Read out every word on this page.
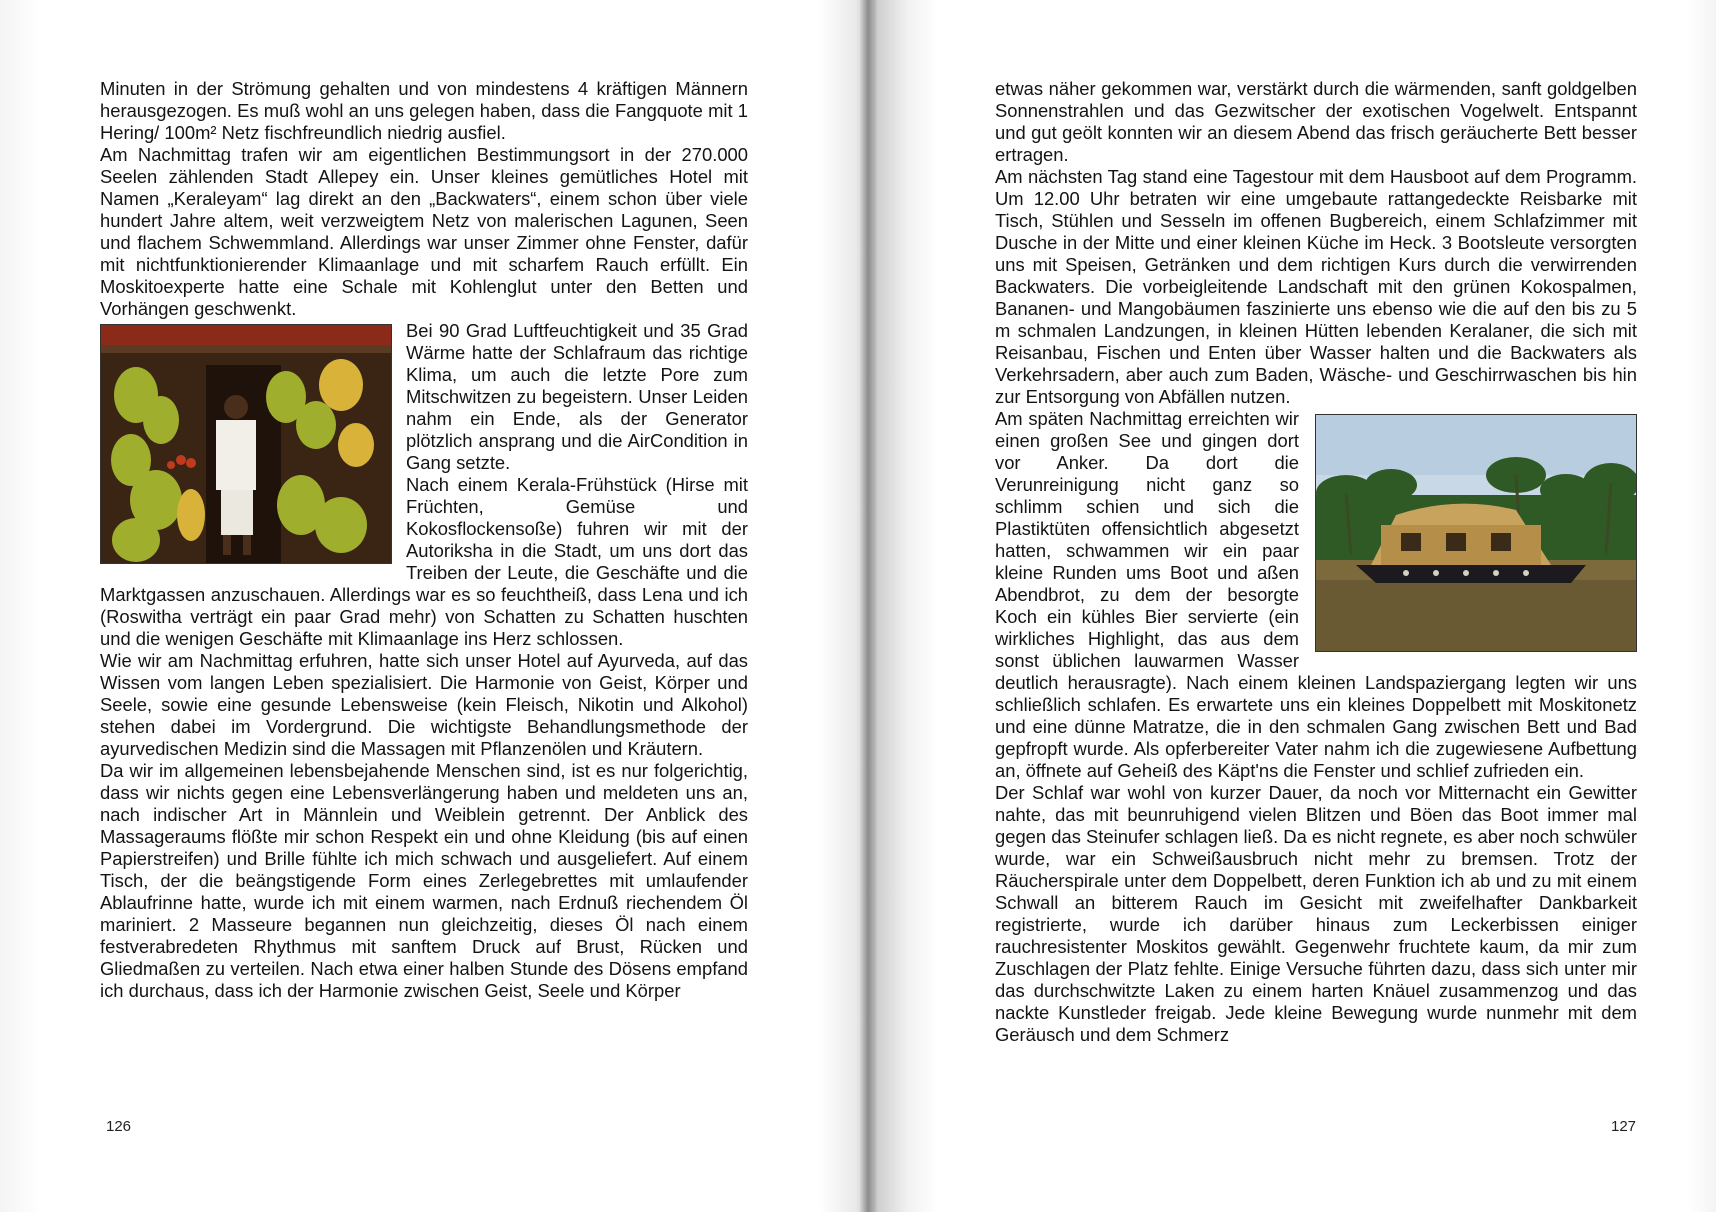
Minuten in der Strömung gehalten und von mindestens 4 kräftigen Männern herausgezogen. Es muß wohl an uns gelegen haben, dass die Fangquote mit 1 Hering/ 100m² Netz fischfreundlich niedrig ausfiel.

Am Nachmittag trafen wir am eigentlichen Bestimmungsort in der 270.000 Seelen zählenden Stadt Allepey ein. Unser kleines gemütliches Hotel mit Namen „Keraleyam“ lag direkt an den „Backwaters“, einem schon über viele hundert Jahre altem, weit verzweigtem Netz von malerischen Lagunen, Seen und flachem Schwemmland. Allerdings war unser Zimmer ohne Fenster, dafür mit nichtfunktionierender Klimaanlage und mit scharfem Rauch erfüllt. Ein Moskitoexperte hatte eine Schale mit Kohlenglut unter den Betten und Vorhängen geschwenkt.

Bei 90 Grad Luftfeuchtigkeit und 35 Grad Wärme hatte der Schlafraum das richtige Klima, um auch die letzte Pore zum Mitschwitzen zu begeistern. Unser Leiden nahm ein Ende, als der Generator plötzlich ansprang und die AirCondition in Gang setzte.

Nach einem Kerala-Frühstück (Hirse mit Früchten, Gemüse und Kokosflockensoße) fuhren wir mit der Autoriksha in die Stadt, um uns dort das Treiben der Leute, die Geschäfte und die Marktgassen anzuschauen. Allerdings war es so feuchtheiß, dass Lena und ich (Roswitha verträgt ein paar Grad mehr) von Schatten zu Schatten huschten und die wenigen Geschäfte mit Klimaanlage ins Herz schlossen.

Wie wir am Nachmittag erfuhren, hatte sich unser Hotel auf Ayurveda, auf das Wissen vom langen Leben spezialisiert. Die Harmonie von Geist, Körper und Seele, sowie eine gesunde Lebensweise (kein Fleisch, Nikotin und Alkohol) stehen dabei im Vordergrund. Die wichtigste Behandlungsmethode der ayurvedischen Medizin sind die Massagen mit Pflanzenölen und Kräutern.

Da wir im allgemeinen lebensbejahende Menschen sind, ist es nur folgerichtig, dass wir nichts gegen eine Lebensverlängerung haben und meldeten uns an, nach indischer Art in Männlein und Weiblein getrennt. Der Anblick des Massageraums flößte mir schon Respekt ein und ohne Kleidung (bis auf einen Papierstreifen) und Brille fühlte ich mich schwach und ausgeliefert. Auf einem Tisch, der die beängstigende Form eines Zerlegebrettes mit umlaufender Ablaufrinne hatte, wurde ich mit einem warmen, nach Erdnuß riechendem Öl mariniert. 2 Masseure begannen nun gleichzeitig, dieses Öl nach einem festverabredeten Rhythmus mit sanftem Druck auf Brust, Rücken und Gliedmaßen zu verteilen. Nach etwa einer halben Stunde des Dösens empfand ich durchaus, dass ich der Harmonie zwischen Geist, Seele und Körper

126

etwas näher gekommen war, verstärkt durch die wärmenden, sanft goldgelben Sonnenstrahlen und das Gezwitscher der exotischen Vogelwelt. Entspannt und gut geölt konnten wir an diesem Abend das frisch geräucherte Bett besser ertragen.

Am nächsten Tag stand eine Tagestour mit dem Hausboot auf dem Programm. Um 12.00 Uhr betraten wir eine umgebaute rattangedeckte Reisbarke mit Tisch, Stühlen und Sesseln im offenen Bugbereich, einem Schlafzimmer mit Dusche in der Mitte und einer kleinen Küche im Heck. 3 Bootsleute versorgten uns mit Speisen, Getränken und dem richtigen Kurs durch die verwirrenden Backwaters. Die vorbeigleitende Landschaft mit den grünen Kokospalmen, Bananen- und Mangobäumen faszinierte uns ebenso wie die auf den bis zu 5 m schmalen Landzungen, in kleinen Hütten lebenden Keralaner, die sich mit Reisanbau, Fischen und Enten über Wasser halten und die Backwaters als Verkehrsadern, aber auch zum Baden, Wäsche- und Geschirrwaschen bis hin zur Entsorgung von Abfällen nutzen.

Am späten Nachmittag erreichten wir einen großen See und gingen dort vor Anker. Da dort die Verunreinigung nicht ganz so schlimm schien und sich die Plastiktüten offensichtlich abgesetzt hatten, schwammen wir ein paar kleine Runden ums Boot und aßen Abendbrot, zu dem der besorgte Koch ein kühles Bier servierte (ein wirkliches Highlight, das aus dem sonst üblichen lauwarmen Wasser deutlich herausragte). Nach einem kleinen Landspaziergang legten wir uns schließlich schlafen. Es erwartete uns ein kleines Doppelbett mit Moskitonetz und eine dünne Matratze, die in den schmalen Gang zwischen Bett und Bad gepfropft wurde. Als opferbereiter Vater nahm ich die zugewiesene Aufbettung an, öffnete auf Geheiß des Käpt'ns die Fenster und schlief zufrieden ein.

Der Schlaf war wohl von kurzer Dauer, da noch vor Mitternacht ein Gewitter nahte, das mit beunruhigend vielen Blitzen und Böen das Boot immer mal gegen das Steinufer schlagen ließ. Da es nicht regnete, es aber noch schwüler wurde, war ein Schweißausbruch nicht mehr zu bremsen. Trotz der Räucherspirale unter dem Doppelbett, deren Funktion ich ab und zu mit einem Schwall an bitterem Rauch im Gesicht mit zweifelhafter Dankbarkeit registrierte, wurde ich darüber hinaus zum Leckerbissen einiger rauchresistenter Moskitos gewählt. Gegenwehr fruchtete kaum, da mir zum Zuschlagen der Platz fehlte. Einige Versuche führten dazu, dass sich unter mir das durchschwitzte Laken zu einem harten Knäuel zusammenzog und das nackte Kunstleder freigab. Jede kleine Bewegung wurde nunmehr mit dem Geräusch und dem Schmerz

127
